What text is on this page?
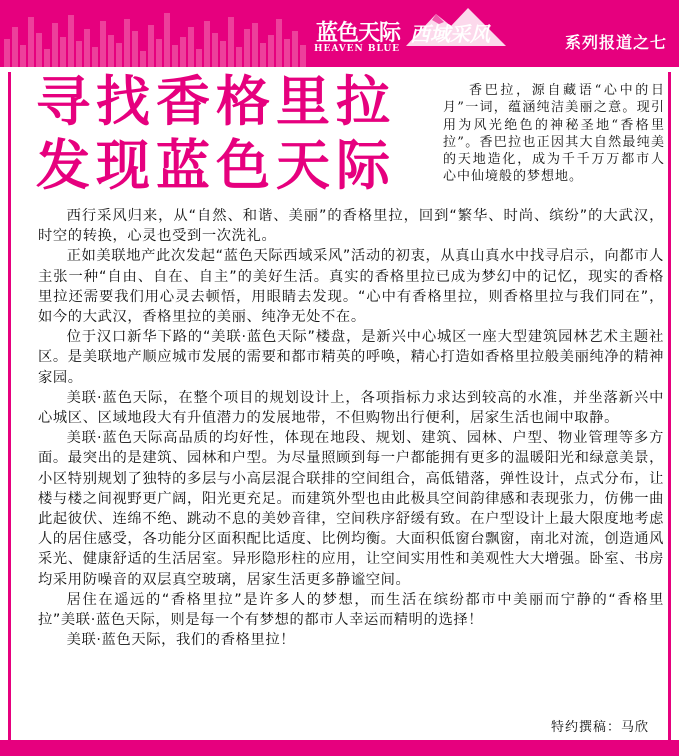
蓝色天际 西域采风
HEAVEN BLUE	系列报道之七
寻找香格里拉
发现蓝色天际
香巴拉，源自藏语“心中的日月”一词，蕴涵纯洁美丽之意。现引用为风光绝色的神秘圣地“香格里拉”。香巴拉也正因其大自然最纯美的天地造化，成为千千万万都市人心中仙境般的梦想地。

西行采风归来，从“自然、和谐、美丽”的香格里拉，回到“繁华、时尚、缤纷”的大武汉，时空的转换，心灵也受到一次洗礼。

正如美联地产此次发起“蓝色天际西域采风”活动的初衷，从真山真水中找寻启示，向都市人主张一种“自由、自在、自主”的美好生活。真实的香格里拉已成为梦幻中的记忆，现实的香格里拉还需要我们用心灵去顿悟，用眼睛去发现。“心中有香格里拉，则香格里拉与我们同在”，如今的大武汉，香格里拉的美丽、纯净无处不在。

位于汉口新华下路的“美联·蓝色天际”楼盘，是新兴中心城区一座大型建筑园林艺术主题社区。是美联地产顺应城市发展的需要和都市精英的呼唤，精心打造如香格里拉般美丽纯净的精神家园。

美联·蓝色天际，在整个项目的规划设计上，各项指标力求达到较高的水准，并坐落新兴中心城区、区域地段大有升值潜力的发展地带，不但购物出行便利，居家生活也闹中取静。

美联·蓝色天际高品质的均好性，体现在地段、规划、建筑、园林、户型、物业管理等多方面。最突出的是建筑、园林和户型。为尽量照顾到每一户都能拥有更多的温暖阳光和绿意美景，小区特别规划了独特的多层与小高层混合联排的空间组合，高低错落，弹性设计，点式分布，让楼与楼之间视野更广阔，阳光更充足。而建筑外型也由此极具空间韵律感和表现张力，仿佛一曲此起彼伏、连绵不绝、跳动不息的美妙音律，空间秩序舒缓有致。在户型设计上最大限度地考虑人的居住感受，各功能分区面积配比适度、比例均衡。大面积低窗台飘窗，南北对流，创造通风采光、健康舒适的生活居室。异形隐形柱的应用，让空间实用性和美观性大大增强。卧室、书房均采用防噪音的双层真空玻璃，居家生活更多静谧空间。

居住在遥远的“香格里拉”是许多人的梦想，而生活在缤纷都市中美丽而宁静的“香格里拉”美联·蓝色天际，则是每一个有梦想的都市人幸运而精明的选择！

美联·蓝色天际，我们的香格里拉！

特约撰稿：马欣
